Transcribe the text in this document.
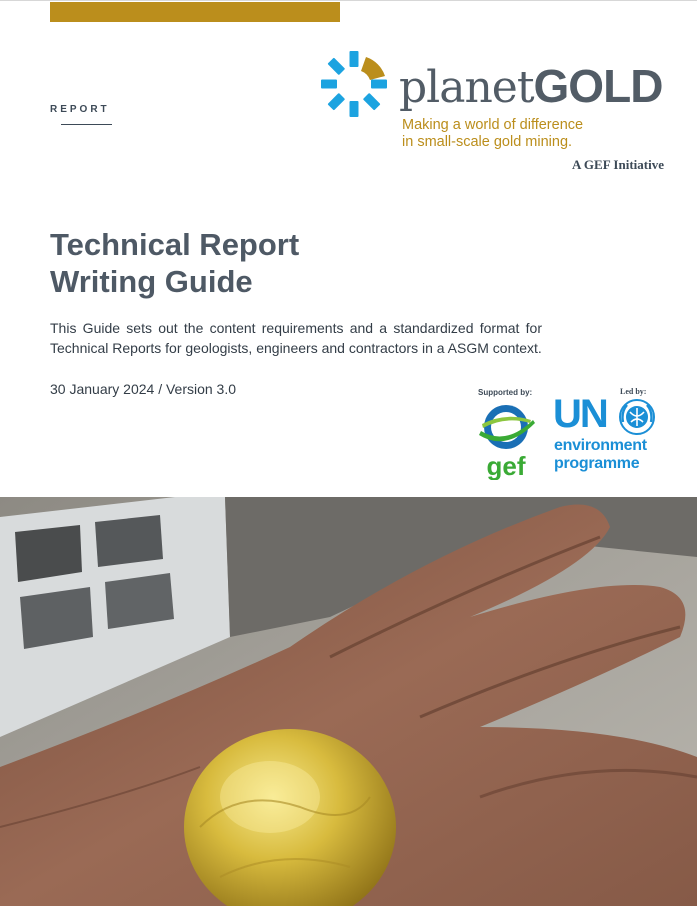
REPORT	planetGOLD
Making a world of difference
in small-scale gold mining.
A GEF Initiative
Technical Report
Writing Guide
This Guide sets out the content requirements and a standardized format for Technical Reports for geologists, engineers and contractors in a ASGM context.
30 January 2024 / Version 3.0	Supported by:
gef
Led by:
UN
environment
programme
